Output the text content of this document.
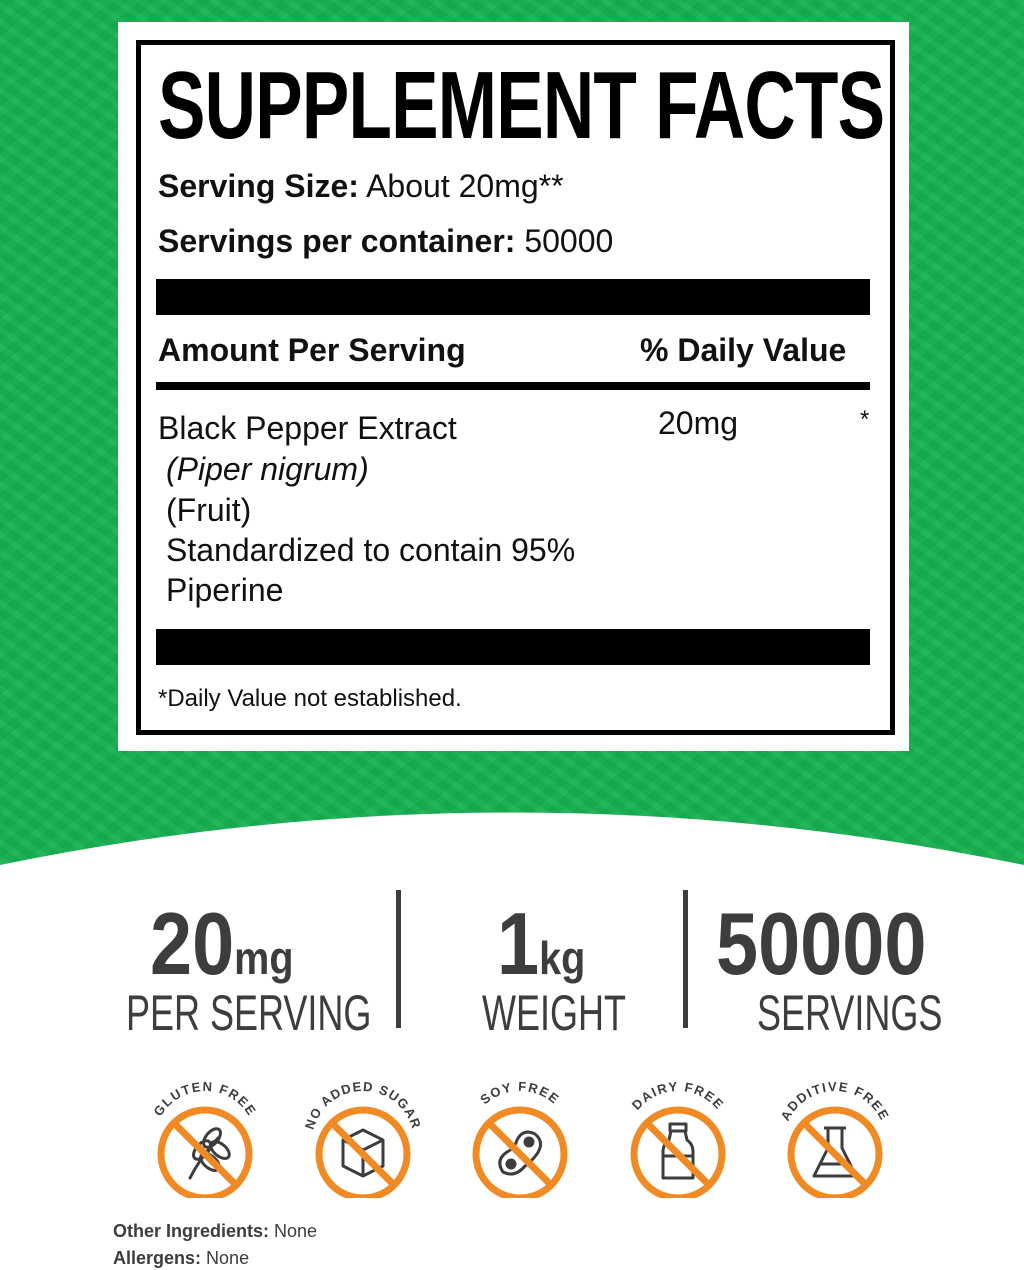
SUPPLEMENT FACTS
Serving Size: About 20mg**
Servings per container: 50000
Amount Per Serving	% Daily Value
Black Pepper Extract
(Piper nigrum)
(Fruit)
Standardized to contain 95%
Piperine
20mg	*
*Daily Value not established.
20mg
PER SERVING
1kg
WEIGHT
50000
SERVINGS
GLUTEN FREE
NO ADDED SUGAR
SOY FREE	DAIRY FREE
ADDITIVE FREE
Other Ingredients: None
Allergens: None
